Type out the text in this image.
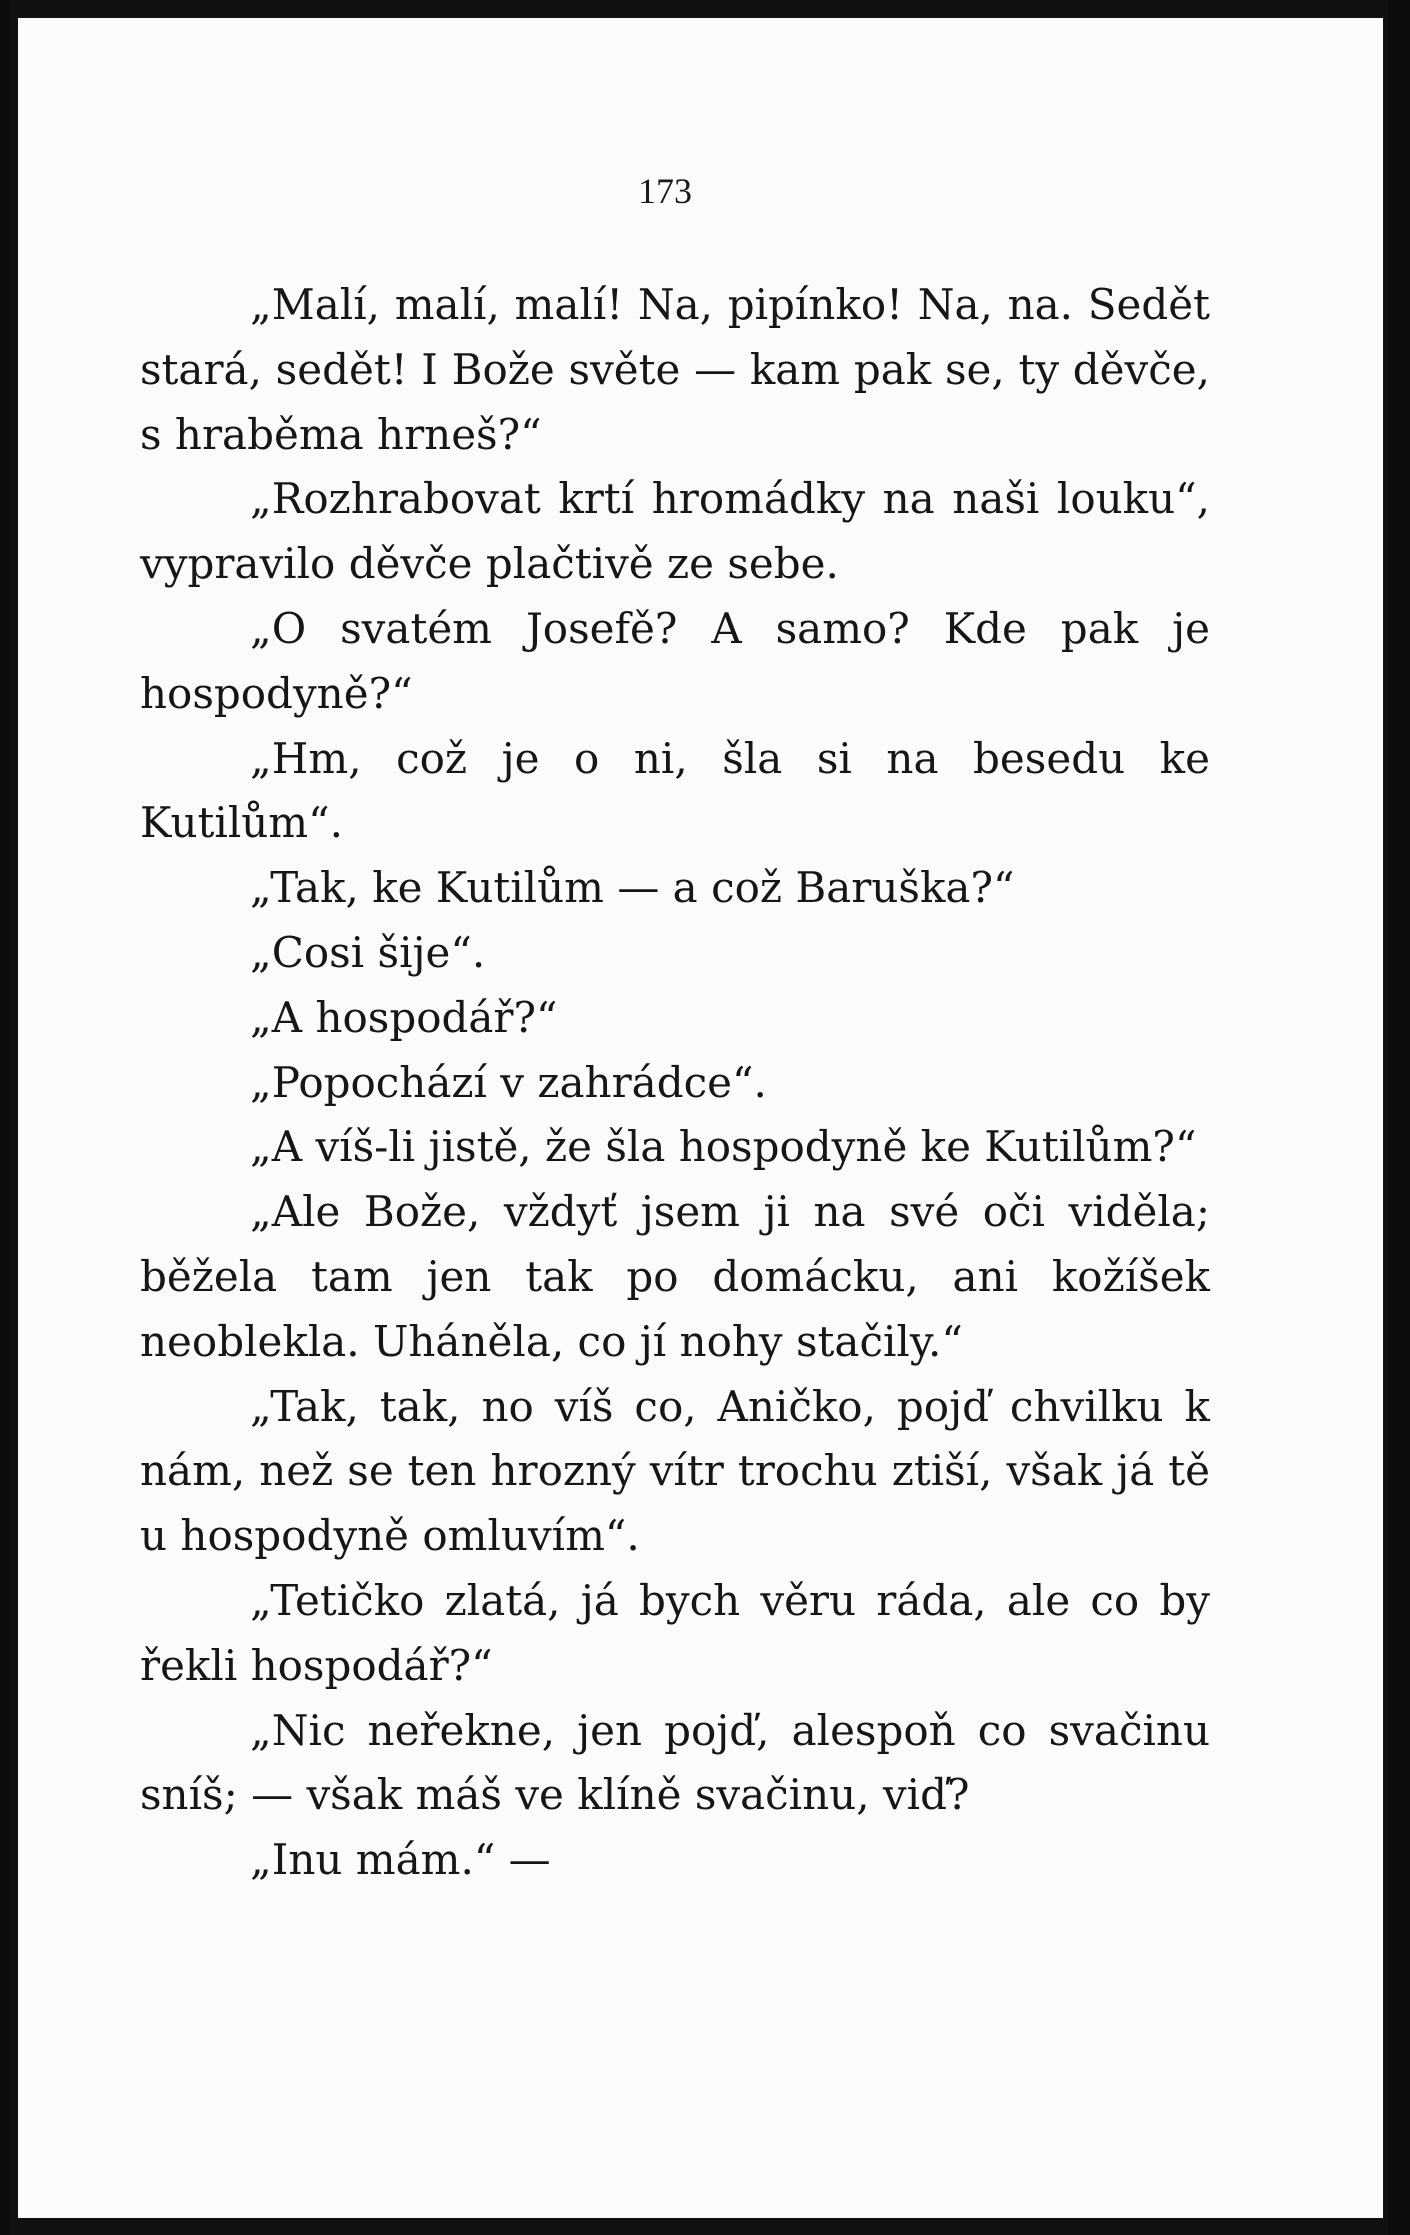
173

„Malí, malí, malí! Na, pipínko! Na, na. Sedět stará, sedět! I Bože světe — kam pak se, ty děvče, s hraběma hrneš?“

„Rozhrabovat krtí hromádky na naši louku“, vypravilo děvče plačtivě ze sebe.

„O svatém Josefě? A samo? Kde pak je hospodyně?“

„Hm, což je o ni, šla si na besedu ke Kutilům“.

„Tak, ke Kutilům — a což Baruška?“

„Cosi šije“.

„A hospodář?“

„Popochází v zahrádce“.

„A víš-li jistě, že šla hospodyně ke Kutilům?“

„Ale Bože, vždyť jsem ji na své oči viděla; běžela tam jen tak po domácku, ani kožíšek neoblekla. Uháněla, co jí nohy stačily.“

„Tak, tak, no víš co, Aničko, pojď chvilku k nám, než se ten hrozný vítr trochu ztiší, však já tě u hospodyně omluvím“.

„Tetičko zlatá, já bych věru ráda, ale co by řekli hospodář?“

„Nic neřekne, jen pojď, alespoň co svačinu sníš; — však máš ve klíně svačinu, viď?

„Inu mám.“ —
